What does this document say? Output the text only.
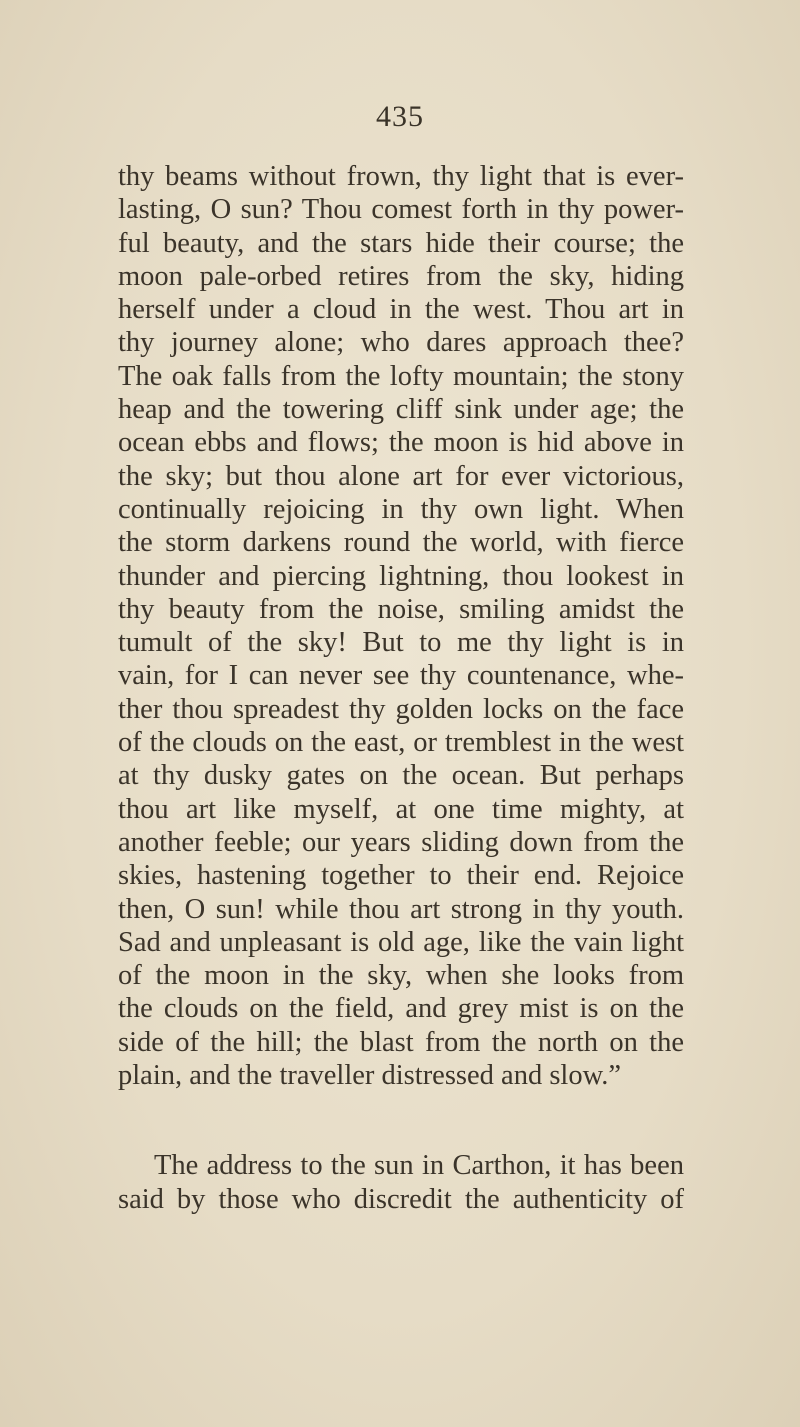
435

thy beams without frown, thy light that is ever-
lasting, O sun? Thou comest forth in thy power-
ful beauty, and the stars hide their course; the
moon pale-orbed retires from the sky, hiding
herself under a cloud in the west. Thou art in
thy journey alone; who dares approach thee?
The oak falls from the lofty mountain; the stony
heap and the towering cliff sink under age; the
ocean ebbs and flows; the moon is hid above in
the sky; but thou alone art for ever victorious,
continually rejoicing in thy own light. When
the storm darkens round the world, with fierce
thunder and piercing lightning, thou lookest in
thy beauty from the noise, smiling amidst the
tumult of the sky! But to me thy light is in
vain, for I can never see thy countenance, whe-
ther thou spreadest thy golden locks on the face
of the clouds on the east, or tremblest in the west
at thy dusky gates on the ocean. But perhaps
thou art like myself, at one time mighty, at
another feeble; our years sliding down from the
skies, hastening together to their end. Rejoice
then, O sun! while thou art strong in thy youth.
Sad and unpleasant is old age, like the vain light
of the moon in the sky, when she looks from
the clouds on the field, and grey mist is on the
side of the hill; the blast from the north on the
plain, and the traveller distressed and slow.”

The address to the sun in Carthon, it has been
said by those who discredit the authenticity of
